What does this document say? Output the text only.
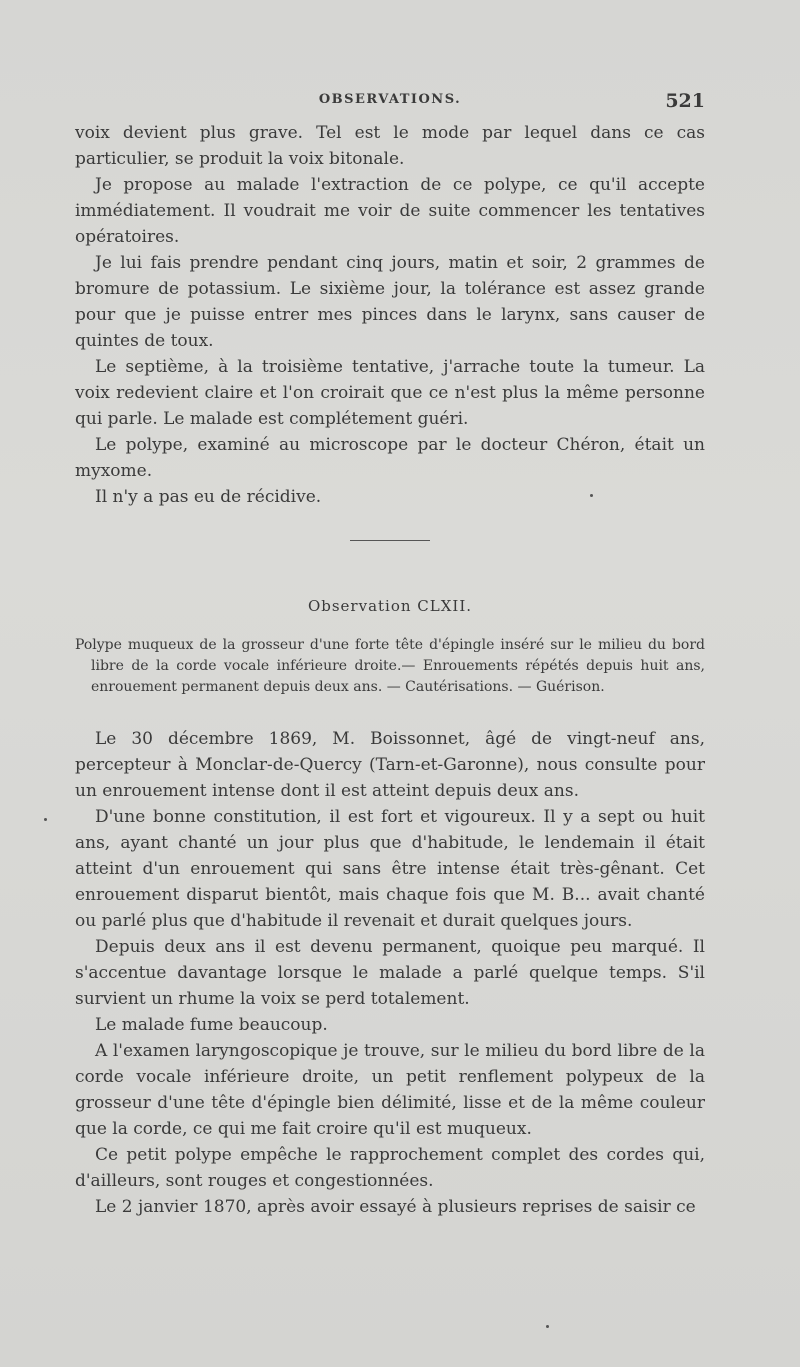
OBSERVATIONS.	521

voix devient plus grave. Tel est le mode par lequel dans ce cas particulier, se produit la voix bitonale.

Je propose au malade l'extraction de ce polype, ce qu'il accepte immédiatement. Il voudrait me voir de suite commencer les tentatives opératoires.

Je lui fais prendre pendant cinq jours, matin et soir, 2 grammes de bromure de potassium. Le sixième jour, la tolérance est assez grande pour que je puisse entrer mes pinces dans le larynx, sans causer de quintes de toux.

Le septième, à la troisième tentative, j'arrache toute la tumeur. La voix redevient claire et l'on croirait que ce n'est plus la même personne qui parle. Le malade est complétement guéri.

Le polype, examiné au microscope par le docteur Chéron, était un myxome.

Il n'y a pas eu de récidive.

Observation CLXII.
Polype muqueux de la grosseur d'une forte tête d'épingle inséré sur le milieu du bord libre de la corde vocale inférieure droite.— Enrouements répétés depuis huit ans, enrouement permanent depuis deux ans. — Cautérisations. — Guérison.

Le 30 décembre 1869, M. Boissonnet, âgé de vingt-neuf ans, percepteur à Monclar-de-Quercy (Tarn-et-Garonne), nous consulte pour un enrouement intense dont il est atteint depuis deux ans.

D'une bonne constitution, il est fort et vigoureux. Il y a sept ou huit ans, ayant chanté un jour plus que d'habitude, le lendemain il était atteint d'un enrouement qui sans être intense était très-gênant. Cet enrouement disparut bientôt, mais chaque fois que M. B... avait chanté ou parlé plus que d'habitude il revenait et durait quelques jours.

Depuis deux ans il est devenu permanent, quoique peu marqué. Il s'accentue davantage lorsque le malade a parlé quelque temps. S'il survient un rhume la voix se perd totalement.

Le malade fume beaucoup.

A l'examen laryngoscopique je trouve, sur le milieu du bord libre de la corde vocale inférieure droite, un petit renflement polypeux de la grosseur d'une tête d'épingle bien délimité, lisse et de la même couleur que la corde, ce qui me fait croire qu'il est muqueux.

Ce petit polype empêche le rapprochement complet des cordes qui, d'ailleurs, sont rouges et congestionnées.

Le 2 janvier 1870, après avoir essayé à plusieurs reprises de saisir ce
